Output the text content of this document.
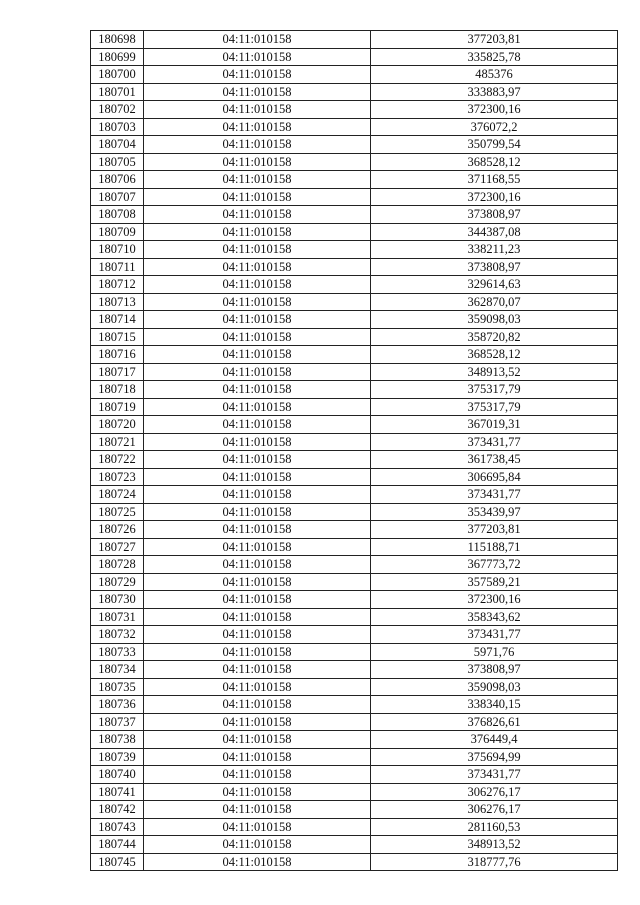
180698	04:11:010158	377203,81
180699	04:11:010158	335825,78
180700	04:11:010158	485376
180701	04:11:010158	333883,97
180702	04:11:010158	372300,16
180703	04:11:010158	376072,2
180704	04:11:010158	350799,54
180705	04:11:010158	368528,12
180706	04:11:010158	371168,55
180707	04:11:010158	372300,16
180708	04:11:010158	373808,97
180709	04:11:010158	344387,08
180710	04:11:010158	338211,23
180711	04:11:010158	373808,97
180712	04:11:010158	329614,63
180713	04:11:010158	362870,07
180714	04:11:010158	359098,03
180715	04:11:010158	358720,82
180716	04:11:010158	368528,12
180717	04:11:010158	348913,52
180718	04:11:010158	375317,79
180719	04:11:010158	375317,79
180720	04:11:010158	367019,31
180721	04:11:010158	373431,77
180722	04:11:010158	361738,45
180723	04:11:010158	306695,84
180724	04:11:010158	373431,77
180725	04:11:010158	353439,97
180726	04:11:010158	377203,81
180727	04:11:010158	115188,71
180728	04:11:010158	367773,72
180729	04:11:010158	357589,21
180730	04:11:010158	372300,16
180731	04:11:010158	358343,62
180732	04:11:010158	373431,77
180733	04:11:010158	5971,76
180734	04:11:010158	373808,97
180735	04:11:010158	359098,03
180736	04:11:010158	338340,15
180737	04:11:010158	376826,61
180738	04:11:010158	376449,4
180739	04:11:010158	375694,99
180740	04:11:010158	373431,77
180741	04:11:010158	306276,17
180742	04:11:010158	306276,17
180743	04:11:010158	281160,53
180744	04:11:010158	348913,52
180745	04:11:010158	318777,76
